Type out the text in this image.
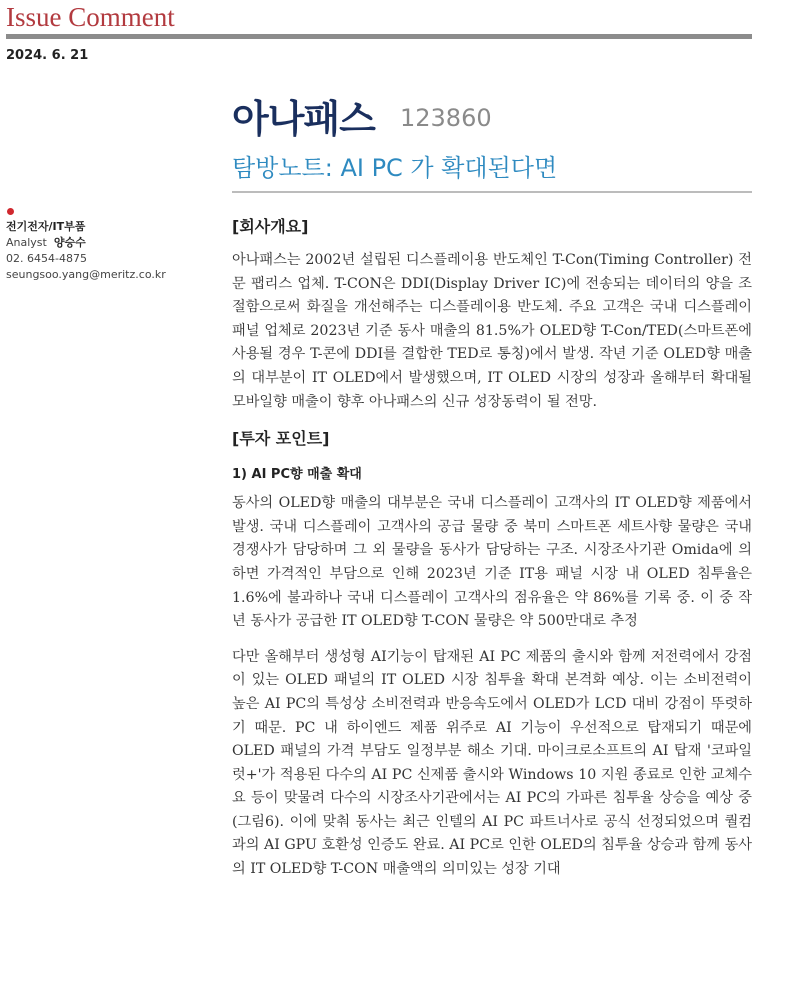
Issue Comment
2024. 6. 21
아나패스 123860
탐방노트: AI PC 가 확대된다면
전기전자/IT부품
Analyst 양승수
02. 6454-4875
seungsoo.yang@meritz.co.kr
[회사개요]

아나패스는 2002년 설립된 디스플레이용 반도체인 T-Con(Timing Controller) 전문 팹리스 업체. T-CON은 DDI(Display Driver IC)에 전송되는 데이터의 양을 조절함으로써 화질을 개선해주는 디스플레이용 반도체. 주요 고객은 국내 디스플레이 패널 업체로 2023년 기준 동사 매출의 81.5%가 OLED향 T-Con/TED(스마트폰에 사용될 경우 T-콘에 DDI를 결합한 TED로 통칭)에서 발생. 작년 기준 OLED향 매출의 대부분이 IT OLED에서 발생했으며, IT OLED 시장의 성장과 올해부터 확대될 모바일향 매출이 향후 아나패스의 신규 성장동력이 될 전망.

[투자 포인트]
1) AI PC향 매출 확대

동사의 OLED향 매출의 대부분은 국내 디스플레이 고객사의 IT OLED향 제품에서 발생. 국내 디스플레이 고객사의 공급 물량 중 북미 스마트폰 세트사향 물량은 국내 경쟁사가 담당하며 그 외 물량을 동사가 담당하는 구조. 시장조사기관 Omida에 의하면 가격적인 부담으로 인해 2023년 기준 IT용 패널 시장 내 OLED 침투율은 1.6%에 불과하나 국내 디스플레이 고객사의 점유율은 약 86%를 기록 중. 이 중 작년 동사가 공급한 IT OLED향 T-CON 물량은 약 500만대로 추정

다만 올해부터 생성형 AI기능이 탑재된 AI PC 제품의 출시와 함께 저전력에서 강점이 있는 OLED 패널의 IT OLED 시장 침투율 확대 본격화 예상. 이는 소비전력이 높은 AI PC의 특성상 소비전력과 반응속도에서 OLED가 LCD 대비 강점이 뚜렷하기 때문. PC 내 하이엔드 제품 위주로 AI 기능이 우선적으로 탑재되기 때문에 OLED 패널의 가격 부담도 일정부분 해소 기대. 마이크로소프트의 AI 탑재 '코파일럿+'가 적용된 다수의 AI PC 신제품 출시와 Windows 10 지원 종료로 인한 교체수요 등이 맞물려 다수의 시장조사기관에서는 AI PC의 가파른 침투율 상승을 예상 중(그림6). 이에 맞춰 동사는 최근 인텔의 AI PC 파트너사로 공식 선정되었으며 퀄컴과의 AI GPU 호환성 인증도 완료. AI PC로 인한 OLED의 침투율 상승과 함께 동사의 IT OLED향 T-CON 매출액의 의미있는 성장 기대
